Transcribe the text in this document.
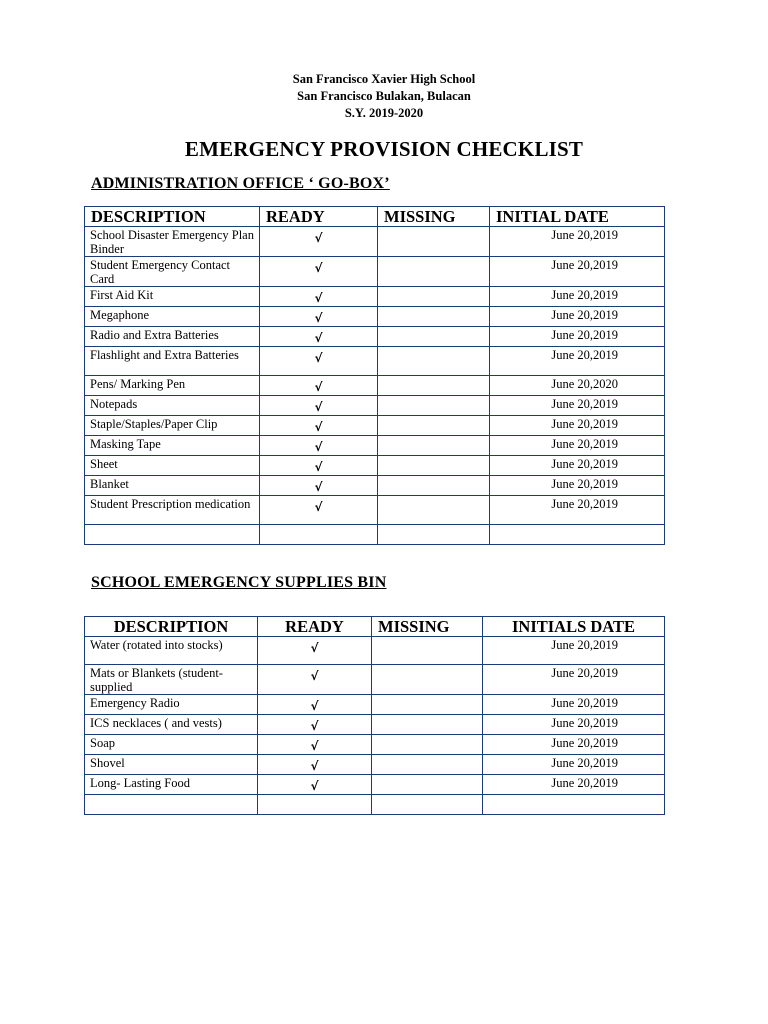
San Francisco Xavier High School
San Francisco Bulakan, Bulacan
S.Y. 2019-2020
EMERGENCY PROVISION CHECKLIST
ADMINISTRATION OFFICE ‘ GO-BOX’
DESCRIPTION	READY	MISSING	INITIAL DATE
School Disaster Emergency Plan Binder	√		June 20,2019
Student Emergency Contact Card	√		June 20,2019
First Aid Kit	√		June 20,2019
Megaphone	√		June 20,2019
Radio and Extra Batteries	√		June 20,2019
Flashlight and Extra Batteries	√		June 20,2019
Pens/ Marking Pen	√		June 20,2020
Notepads	√		June 20,2019
Staple/Staples/Paper Clip	√		June 20,2019
Masking Tape	√		June 20,2019
Sheet	√		June 20,2019
Blanket	√		June 20,2019
Student Prescription medication	√		June 20,2019

SCHOOL EMERGENCY SUPPLIES BIN
DESCRIPTION	READY	MISSING	INITIALS DATE
Water (rotated into stocks)	√		June 20,2019
Mats or Blankets (student- supplied	√		June 20,2019
Emergency Radio	√		June 20,2019
ICS necklaces ( and vests)	√		June 20,2019
Soap	√		June 20,2019
Shovel	√		June 20,2019
Long- Lasting Food	√		June 20,2019
